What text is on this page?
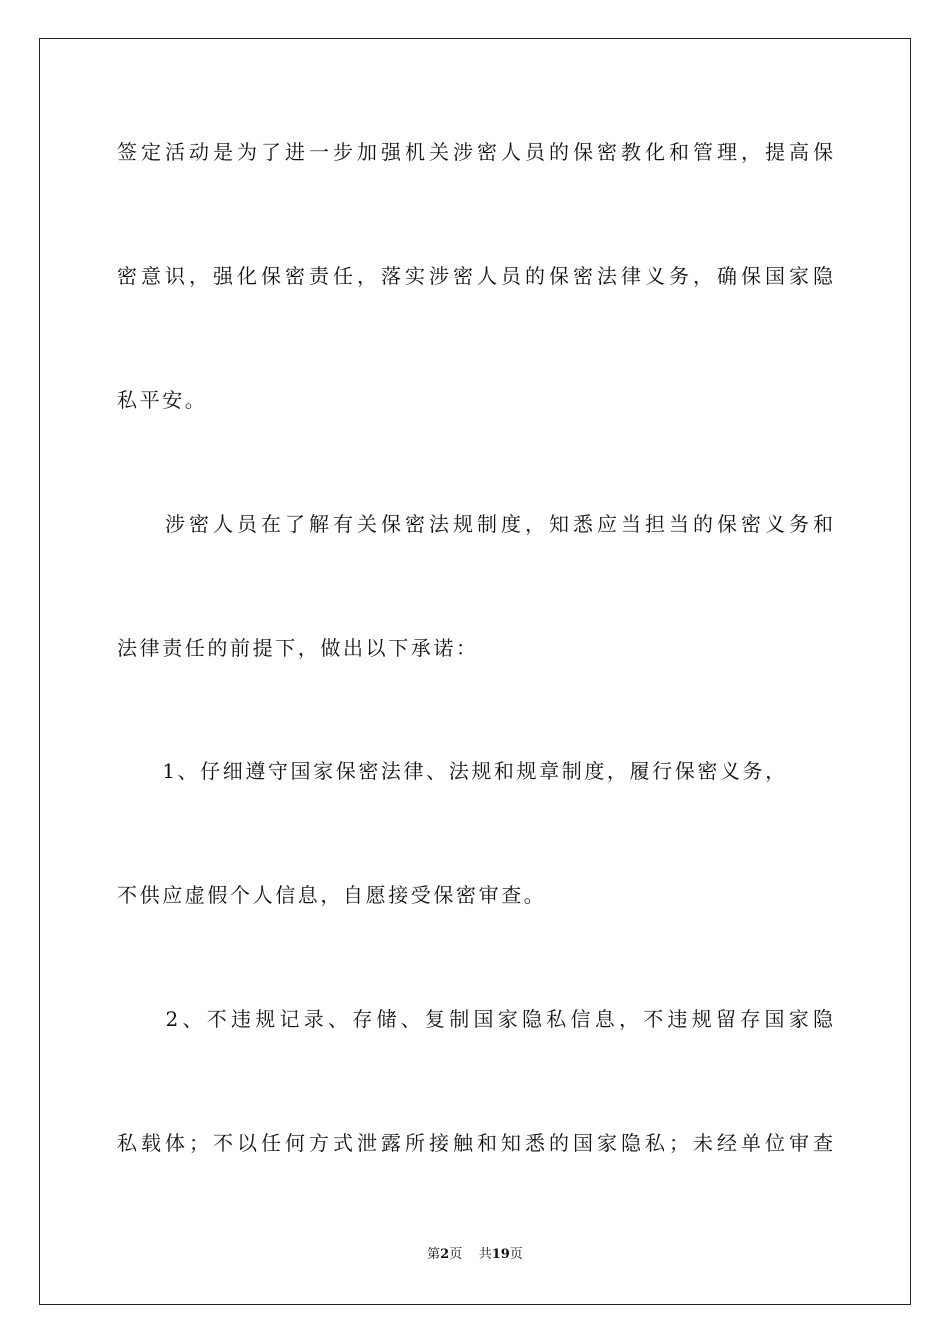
签定活动是为了进一步加强机关涉密人员的保密教化和管理，提高保
密意识，强化保密责任，落实涉密人员的保密法律义务，确保国家隐
私平安。
　　涉密人员在了解有关保密法规制度，知悉应当担当的保密义务和
法律责任的前提下，做出以下承诺：
　　1、仔细遵守国家保密法律、法规和规章制度，履行保密义务，
不供应虚假个人信息，自愿接受保密审查。
　　2、不违规记录、存储、复制国家隐私信息，不违规留存国家隐
私载体；不以任何方式泄露所接触和知悉的国家隐私；未经单位审查
第2页 共19页
